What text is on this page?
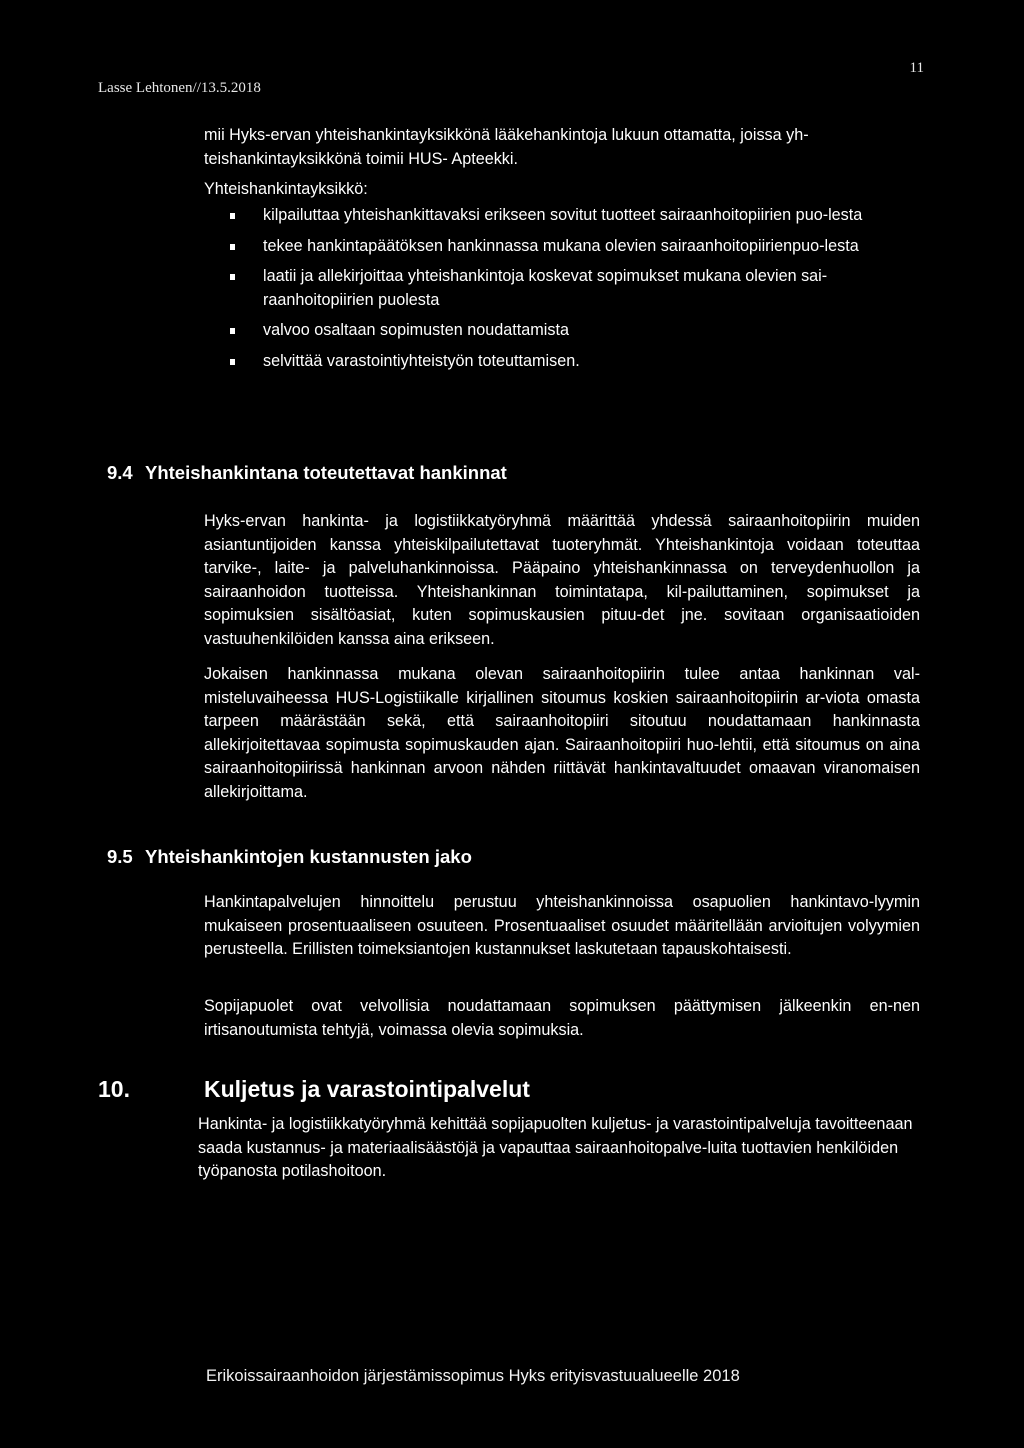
Lasse Lehtonen//13.5.2018
11

mii Hyks-ervan yhteishankintayksikkönä lääkehankintoja lukuun ottamatta, joissa yh-teishankintayksikkönä toimii HUS- Apteekki.

Yhteishankintayksikkö:

kilpailuttaa yhteishankittavaksi erikseen sovitut tuotteet sairaanhoitopiirien puo-lesta
tekee hankintapäätöksen hankinnassa mukana olevien sairaanhoitopiirienpuo-lesta
laatii ja allekirjoittaa yhteishankintoja koskevat sopimukset mukana olevien sai-raanhoitopiirien puolesta
valvoo osaltaan sopimusten noudattamista
selvittää varastointiyhteistyön toteuttamisen.
9.4 Yhteishankintana toteutettavat hankinnat

Hyks-ervan hankinta- ja logistiikkatyöryhmä määrittää yhdessä sairaanhoitopiirin muiden asiantuntijoiden kanssa yhteiskilpailutettavat tuoteryhmät. Yhteishankintoja voidaan toteuttaa tarvike-, laite- ja palveluhankinnoissa. Pääpaino yhteishankinnassa on terveydenhuollon ja sairaanhoidon tuotteissa. Yhteishankinnan toimintatapa, kil-pailuttaminen, sopimukset ja sopimuksien sisältöasiat, kuten sopimuskausien pituu-det jne. sovitaan organisaatioiden vastuuhenkilöiden kanssa aina erikseen.

Jokaisen hankinnassa mukana olevan sairaanhoitopiirin tulee antaa hankinnan val-misteluvaiheessa HUS-Logistiikalle kirjallinen sitoumus koskien sairaanhoitopiirin ar-viota omasta tarpeen määrästään sekä, että sairaanhoitopiiri sitoutuu noudattamaan hankinnasta allekirjoitettavaa sopimusta sopimuskauden ajan. Sairaanhoitopiiri huo-lehtii, että sitoumus on aina sairaanhoitopiirissä hankinnan arvoon nähden riittävät hankintavaltuudet omaavan viranomaisen allekirjoittama.

9.5 Yhteishankintojen kustannusten jako

Hankintapalvelujen hinnoittelu perustuu yhteishankinnoissa osapuolien hankintavo-lyymin mukaiseen prosentuaaliseen osuuteen. Prosentuaaliset osuudet määritellään arvioitujen volyymien perusteella. Erillisten toimeksiantojen kustannukset laskutetaan tapauskohtaisesti.

Sopijapuolet ovat velvollisia noudattamaan sopimuksen päättymisen jälkeenkin en-nen irtisanoutumista tehtyjä, voimassa olevia sopimuksia.

10.	Kuljetus ja varastointipalvelut

Hankinta- ja logistiikkatyöryhmä kehittää sopijapuolten kuljetus- ja varastointipalveluja tavoitteenaan saada kustannus- ja materiaalisäästöjä ja vapauttaa sairaanhoitopalve-luita tuottavien henkilöiden työpanosta potilashoitoon.

Erikoissairaanhoidon järjestämissopimus Hyks erityisvastuualueelle 2018
